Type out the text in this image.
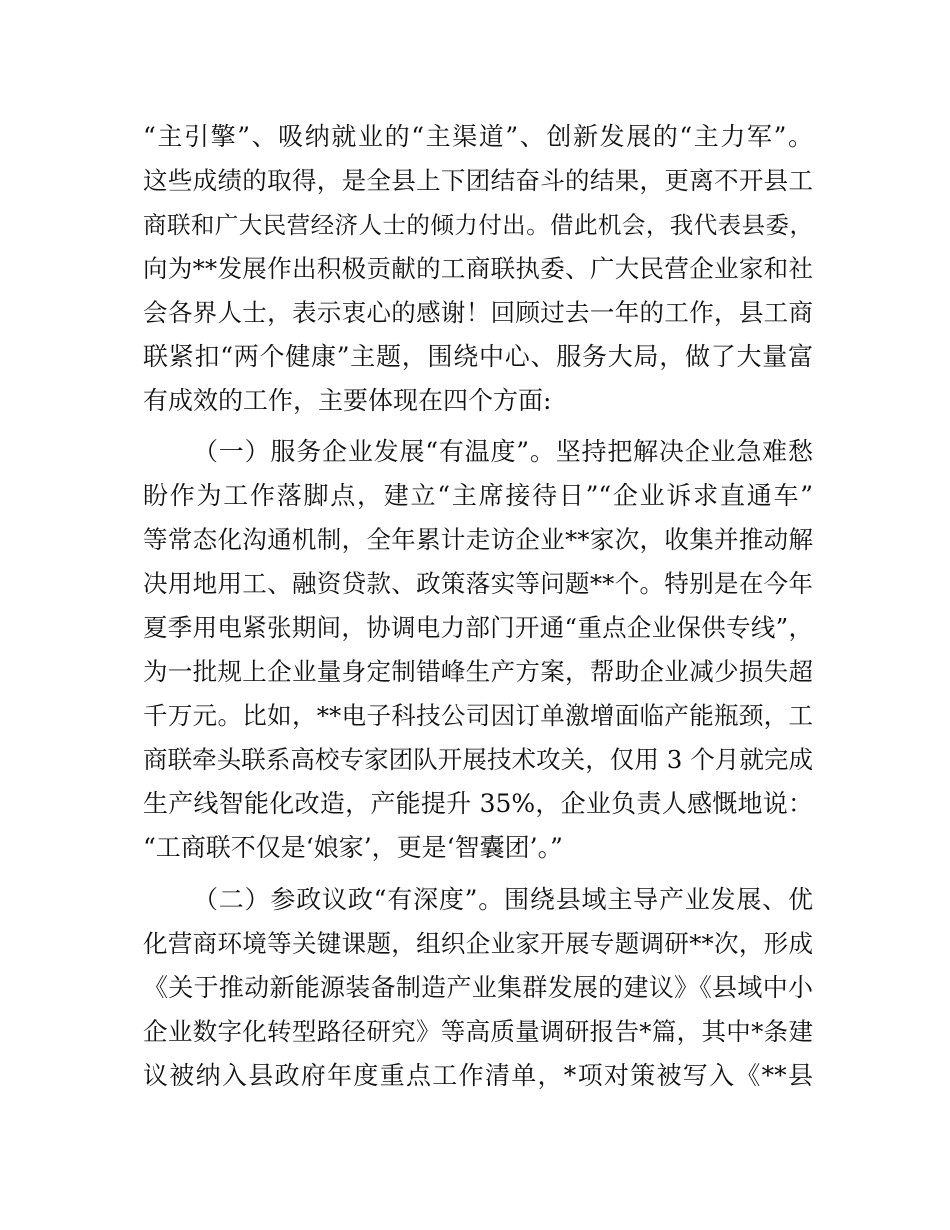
“主引擎”、吸纳就业的“主渠道”、创新发展的“主力军”。
这些成绩的取得，是全县上下团结奋斗的结果，更离不开县工
商联和广大民营经济人士的倾力付出。借此机会，我代表县委，
向为**发展作出积极贡献的工商联执委、广大民营企业家和社
会各界人士，表示衷心的感谢！回顾过去一年的工作，县工商
联紧扣“两个健康”主题，围绕中心、服务大局，做了大量富
有成效的工作，主要体现在四个方面:
（一）服务企业发展“有温度”。坚持把解决企业急难愁
盼作为工作落脚点，建立“主席接待日”“企业诉求直通车”
等常态化沟通机制，全年累计走访企业**家次，收集并推动解
决用地用工、融资贷款、政策落实等问题**个。特别是在今年
夏季用电紧张期间，协调电力部门开通“重点企业保供专线”，
为一批规上企业量身定制错峰生产方案，帮助企业减少损失超
千万元。比如，**电子科技公司因订单激增面临产能瓶颈，工
商联牵头联系高校专家团队开展技术攻关，仅用 3 个月就完成
生产线智能化改造，产能提升 35%，企业负责人感慨地说：
“工商联不仅是‘娘家’，更是‘智囊团’。”
（二）参政议政“有深度”。围绕县域主导产业发展、优
化营商环境等关键课题，组织企业家开展专题调研**次，形成
《关于推动新能源装备制造产业集群发展的建议》《县域中小
企业数字化转型路径研究》等高质量调研报告*篇，其中*条建
议被纳入县政府年度重点工作清单，*项对策被写入《**县
